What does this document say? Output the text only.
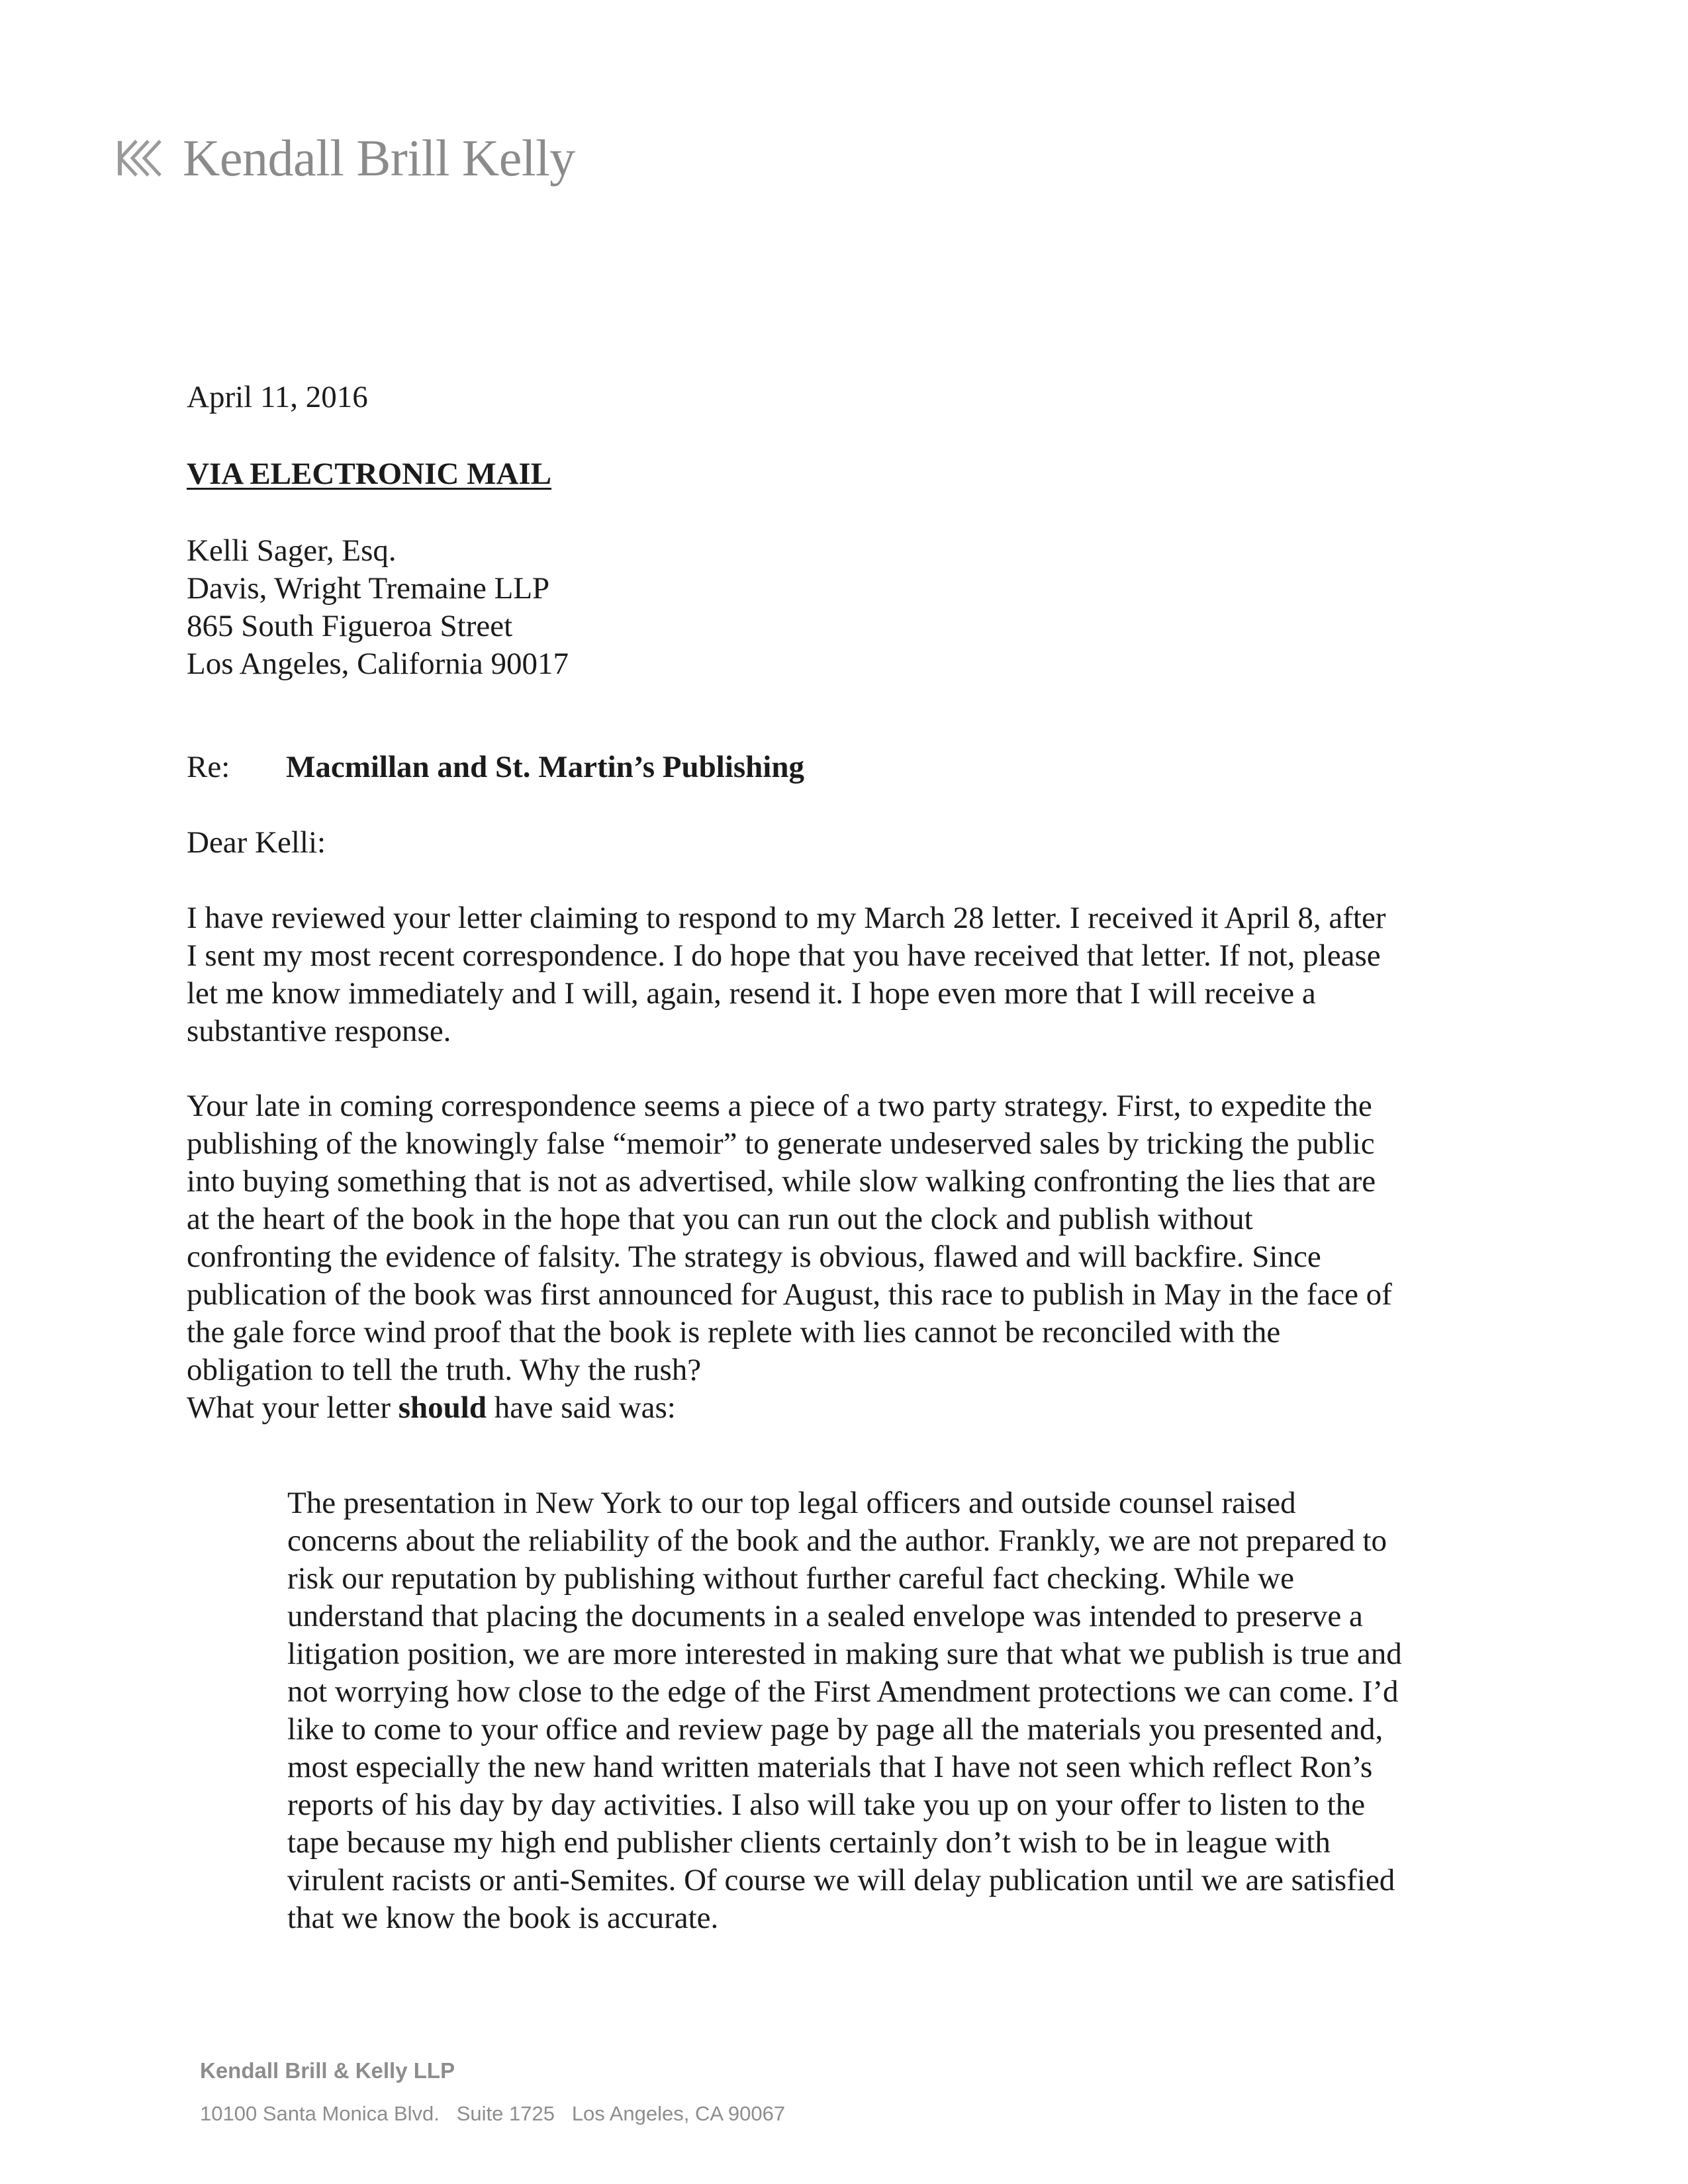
Kendall Brill Kelly
April 11, 2016
VIA ELECTRONIC MAIL
Kelli Sager, Esq.
Davis, Wright Tremaine LLP
865 South Figueroa Street
Los Angeles, California 90017
Re:	Macmillan and St. Martin’s Publishing
Dear Kelli:
I have reviewed your letter claiming to respond to my March 28 letter. I received it April 8, after
I sent my most recent correspondence. I do hope that you have received that letter. If not, please
let me know immediately and I will, again, resend it. I hope even more that I will receive a
substantive response.
Your late in coming correspondence seems a piece of a two party strategy. First, to expedite the
publishing of the knowingly false “memoir” to generate undeserved sales by tricking the public
into buying something that is not as advertised, while slow walking confronting the lies that are
at the heart of the book in the hope that you can run out the clock and publish without
confronting the evidence of falsity. The strategy is obvious, flawed and will backfire. Since
publication of the book was first announced for August, this race to publish in May in the face of
the gale force wind proof that the book is replete with lies cannot be reconciled with the
obligation to tell the truth. Why the rush?
What your letter should have said was:
The presentation in New York to our top legal officers and outside counsel raised
concerns about the reliability of the book and the author. Frankly, we are not prepared to
risk our reputation by publishing without further careful fact checking. While we
understand that placing the documents in a sealed envelope was intended to preserve a
litigation position, we are more interested in making sure that what we publish is true and
not worrying how close to the edge of the First Amendment protections we can come. I’d
like to come to your office and review page by page all the materials you presented and,
most especially the new hand written materials that I have not seen which reflect Ron’s
reports of his day by day activities. I also will take you up on your offer to listen to the
tape because my high end publisher clients certainly don’t wish to be in league with
virulent racists or anti-Semites. Of course we will delay publication until we are satisfied
that we know the book is accurate.
Kendall Brill & Kelly LLP
10100 Santa Monica Blvd.   Suite 1725   Los Angeles, CA 90067
